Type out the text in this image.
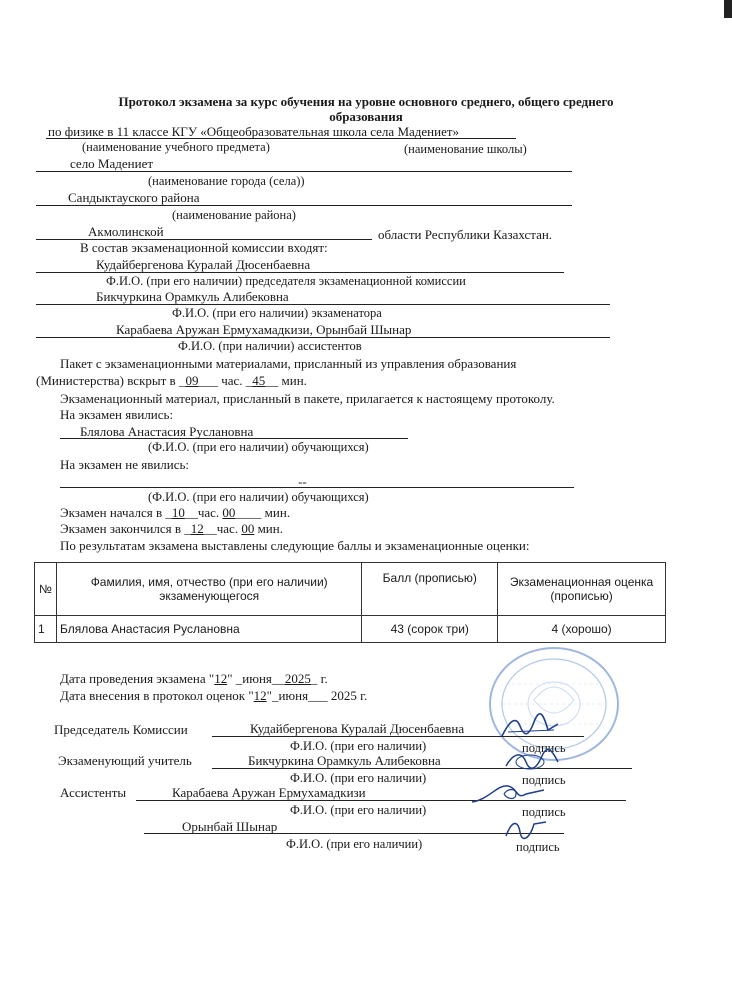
Протокол экзамена за курс обучения на уровне основного среднего, общего среднего
образования
по физике в 11 классе КГУ «Общеобразовательная школа села Мадениет»
(наименование учебного предмета)	(наименование школы)
село Мадениет
(наименование города (села))
Сандыктауского района
(наименование района)
Акмолинской	области Республики Казахстан.
В состав экзаменационной комиссии входят:
Кудайбергенова Куралай Дюсенбаевна
Ф.И.О. (при его наличии) председателя экзаменационной комиссии
Бикчуркина Орамкуль Алибековна
Ф.И.О. (при его наличии) экзаменатора
Карабаева Аружан Ермухамадкизи, Орынбай Шынар
Ф.И.О. (при наличии) ассистентов
Пакет с экзаменационными материалами, присланный из управления образования
(Министерства) вскрыт в _09___ час. _45__ мин.
Экзаменационный материал, присланный в пакете, прилагается к настоящему протоколу.
На экзамен явились:
Блялова Анастасия Руслановна
(Ф.И.О. (при его наличии) обучающихся)
На экзамен не явились:
--
(Ф.И.О. (при его наличии) обучающихся)
Экзамен начался в _10__час. 00____ мин.
Экзамен закончился в _12__час. 00 мин.
По результатам экзамена выставлены следующие баллы и экзаменационные оценки:
№	Фамилия, имя, отчество (при его наличии) экзаменующегося	Балл (прописью)	Экзаменационная оценка (прописью)
1	Блялова Анастасия Руслановна	43 (сорок три)	4 (хорошо)
Дата проведения экзамена "12" _июня__2025_ г.
Дата внесения в протокол оценок "12"_июня___ 2025 г.
Председатель Комиссии	Кудайбергенова Куралай Дюсенбаевна
Ф.И.О. (при его наличии)	подпись
Экзаменующий учитель	Бикчуркина Орамкуль Алибековна
Ф.И.О. (при его наличии)	подпись
Ассистенты	Карабаева Аружан Ермухамадкизи
Ф.И.О. (при его наличии)	подпись
Орынбай Шынар
Ф.И.О. (при его наличии)	подпись
